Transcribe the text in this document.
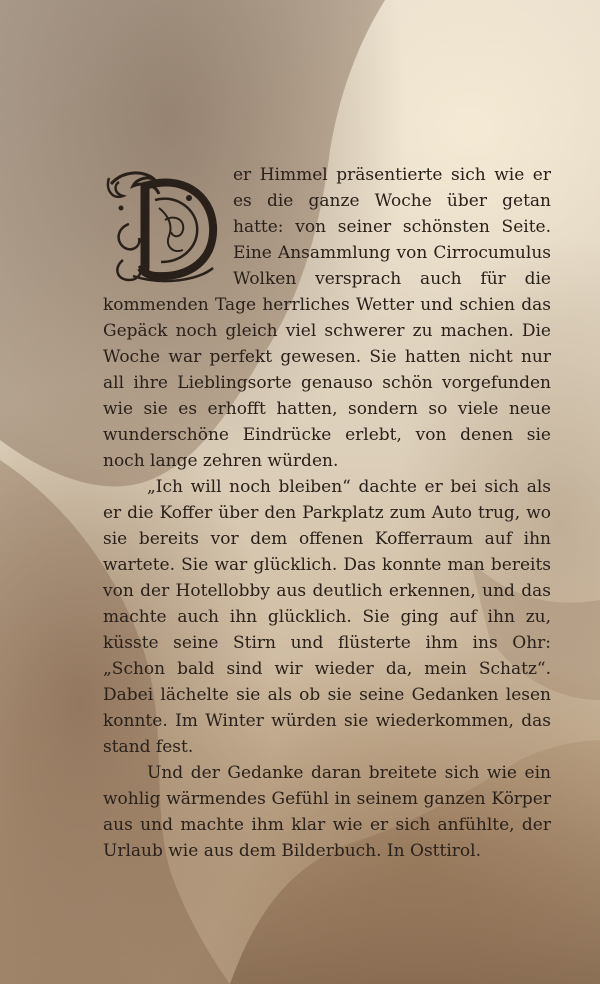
er Himmel präsentierte sich wie er es die ganze Woche über getan hatte: von seiner schönsten Seite. Eine Ansammlung von Cirrocumulus Wolken versprach auch für die kommenden Tage herrliches Wetter und schien das Gepäck noch gleich viel schwerer zu machen. Die Woche war perfekt gewesen. Sie hatten nicht nur all ihre Lieblingsorte genauso schön vorgefunden wie sie es erhofft hatten, sondern so viele neue wunderschöne Eindrücke erlebt, von denen sie noch lange zehren würden.

„Ich will noch bleiben“ dachte er bei sich als er die Koffer über den Parkplatz zum Auto trug, wo sie bereits vor dem offenen Kofferraum auf ihn wartete. Sie war glücklich. Das konnte man bereits von der Hotellobby aus deutlich erkennen, und das machte auch ihn glücklich. Sie ging auf ihn zu, küsste seine Stirn und flüsterte ihm ins Ohr: „Schon bald sind wir wieder da, mein Schatz“. Dabei lächelte sie als ob sie seine Gedanken lesen konnte. Im Winter würden sie wiederkommen, das stand fest.

Und der Gedanke daran breitete sich wie ein wohlig wärmendes Gefühl in seinem ganzen Körper aus und machte ihm klar wie er sich anfühlte, der Urlaub wie aus dem Bilderbuch. In Osttirol.
